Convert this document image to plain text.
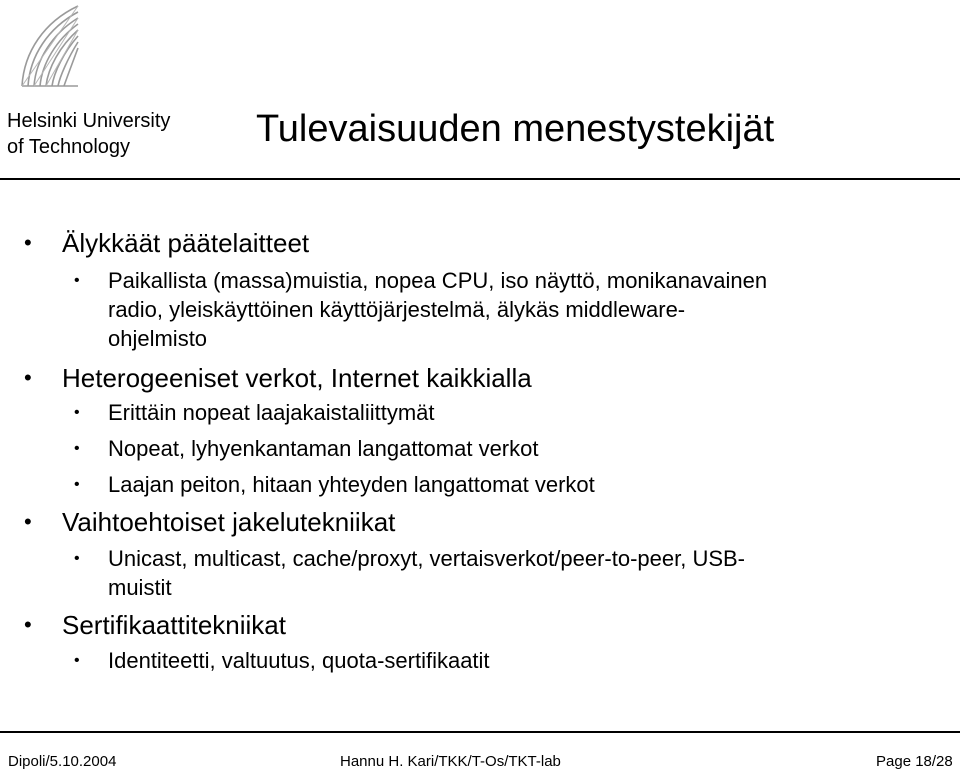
Helsinki University
of Technology	Tulevaisuuden menestystekijät
• Älykkäät päätelaitteet
• Paikallista (massa)muistia, nopea CPU, iso näyttö, monikanavainen
radio, yleiskäyttöinen käyttöjärjestelmä, älykäs middleware-
ohjelmisto
• Heterogeeniset verkot, Internet kaikkialla
• Erittäin nopeat laajakaistaliittymät
• Nopeat, lyhyenkantaman langattomat verkot
• Laajan peiton, hitaan yhteyden langattomat verkot
• Vaihtoehtoiset jakelutekniikat
• Unicast, multicast, cache/proxyt, vertaisverkot/peer-to-peer, USB-
muistit
• Sertifikaattitekniikat
• Identiteetti, valtuutus, quota-sertifikaatit
Dipoli/5.10.2004	Hannu H. Kari/TKK/T-Os/TKT-lab	Page 18/28
